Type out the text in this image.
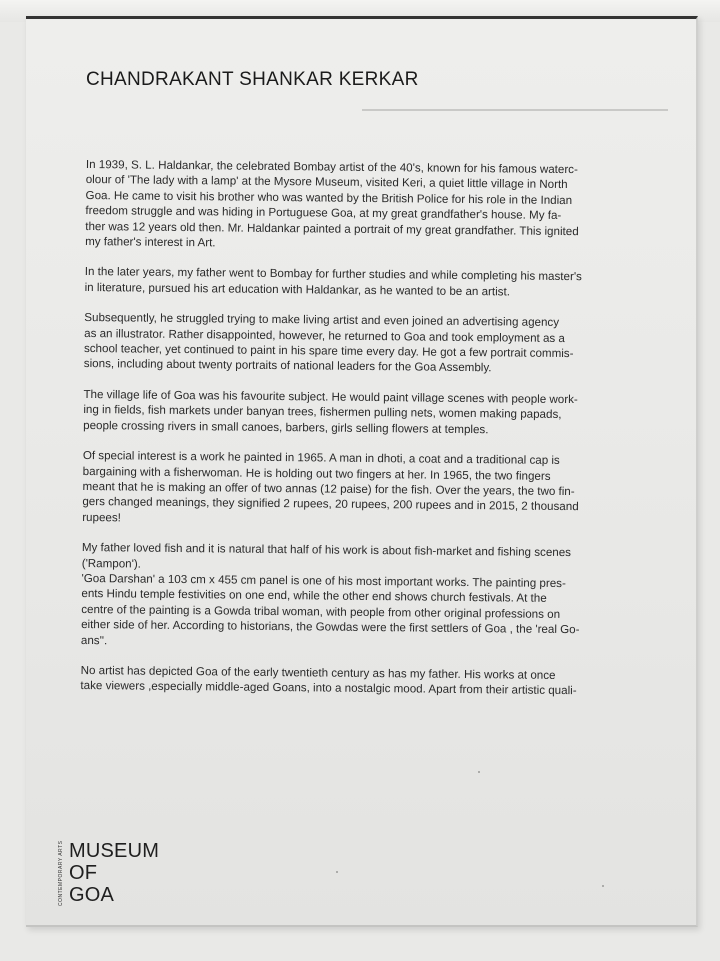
CHANDRAKANT SHANKAR KERKAR

In 1939, S. L. Haldankar, the celebrated Bombay artist of the 40's, known for his famous waterc-
olour of 'The lady with a lamp' at the Mysore Museum, visited Keri, a quiet little village in North
Goa. He came to visit his brother who was wanted by the British Police for his role in the Indian
freedom struggle and was hiding in Portuguese Goa, at my great grandfather's house. My fa-
ther was 12 years old then. Mr. Haldankar painted a portrait of my great grandfather. This ignited
my father's interest in Art.

In the later years, my father went to Bombay for further studies and while completing his master's
in literature, pursued his art education with Haldankar, as he wanted to be an artist.

Subsequently, he struggled trying to make living artist and even joined an advertising agency
as an illustrator. Rather disappointed, however, he returned to Goa and took employment as a
school teacher, yet continued to paint in his spare time every day. He got a few portrait commis-
sions, including about twenty portraits of national leaders for the Goa Assembly.

The village life of Goa was his favourite subject. He would paint village scenes with people work-
ing in fields, fish markets under banyan trees, fishermen pulling nets, women making papads,
people crossing rivers in small canoes, barbers, girls selling flowers at temples.

Of special interest is a work he painted in 1965. A man in dhoti, a coat and a traditional cap is
bargaining with a fisherwoman. He is holding out two fingers at her. In 1965, the two fingers
meant that he is making an offer of two annas (12 paise) for the fish. Over the years, the two fin-
gers changed meanings, they signified 2 rupees, 20 rupees, 200 rupees and in 2015, 2 thousand
rupees!

My father loved fish and it is natural that half of his work is about fish-market and fishing scenes
('Rampon').
'Goa Darshan' a 103 cm x 455 cm panel is one of his most important works. The painting pres-
ents Hindu temple festivities on one end, while the other end shows church festivals. At the
centre of the painting is a Gowda tribal woman, with people from other original professions on
either side of her. According to historians, the Gowdas were the first settlers of Goa , the 'real Go-
ans''.

No artist has depicted Goa of the early twentieth century as has my father. His works at once
take viewers ,especially middle-aged Goans, into a nostalgic mood. Apart from their artistic quali-

CONTEMPORARY ARTS MUSEUM
OF
GOA
